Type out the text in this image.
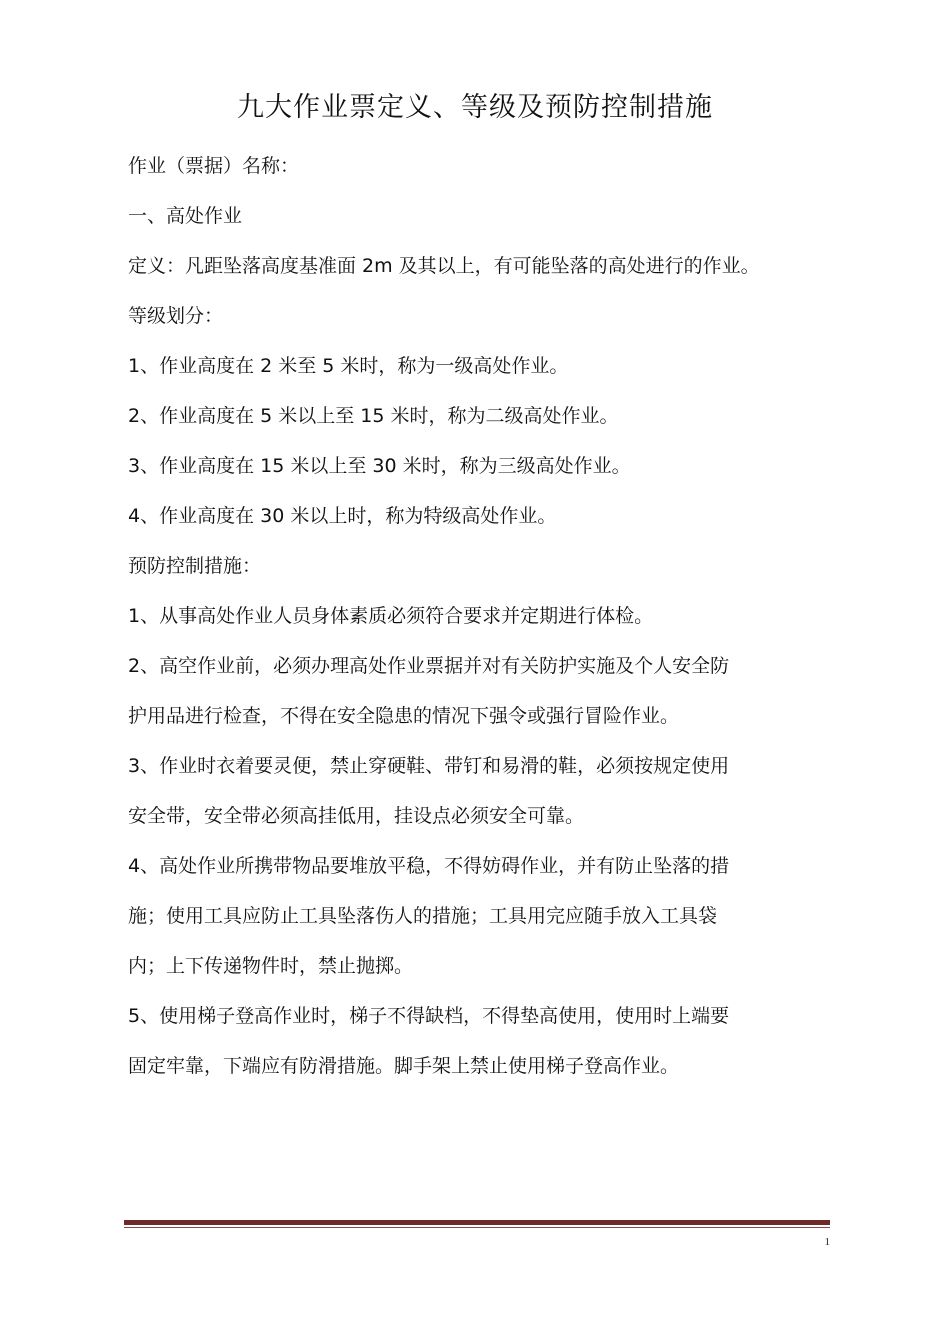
九大作业票定义、等级及预防控制措施
作业（票据）名称：
一、高处作业
定义：凡距坠落高度基准面 2m 及其以上，有可能坠落的高处进行的作业。
等级划分：
1、作业高度在 2 米至 5 米时，称为一级高处作业。
2、作业高度在 5 米以上至 15 米时，称为二级高处作业。
3、作业高度在 15 米以上至 30 米时，称为三级高处作业。
4、作业高度在 30 米以上时，称为特级高处作业。
预防控制措施：
1、从事高处作业人员身体素质必须符合要求并定期进行体检。
2、高空作业前，必须办理高处作业票据并对有关防护实施及个人安全防
护用品进行检查，不得在安全隐患的情况下强令或强行冒险作业。
3、作业时衣着要灵便，禁止穿硬鞋、带钉和易滑的鞋，必须按规定使用
安全带，安全带必须高挂低用，挂设点必须安全可靠。
4、高处作业所携带物品要堆放平稳，不得妨碍作业，并有防止坠落的措
施；使用工具应防止工具坠落伤人的措施；工具用完应随手放入工具袋
内；上下传递物件时，禁止抛掷。
5、使用梯子登高作业时，梯子不得缺档，不得垫高使用，使用时上端要
固定牢靠，下端应有防滑措施。脚手架上禁止使用梯子登高作业。
1
